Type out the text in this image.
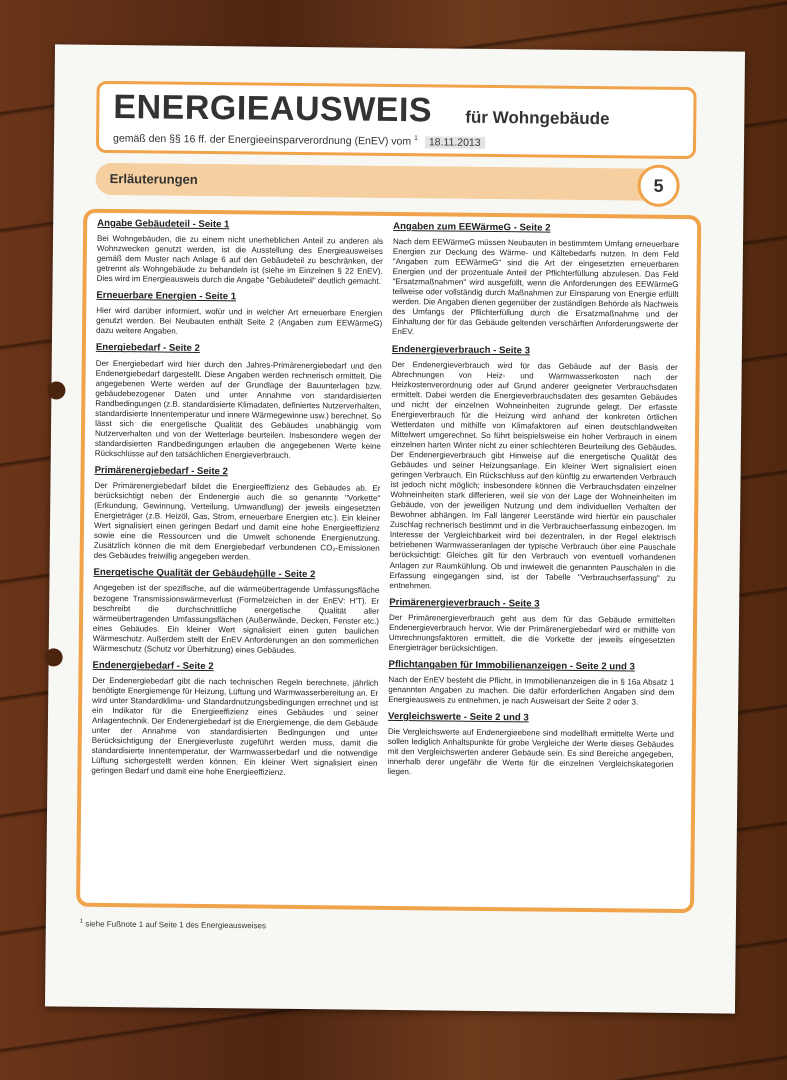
ENERGIEAUSWEIS für Wohngebäude
gemäß den §§ 16 ff. der Energieeinsparverordnung (EnEV) vom $^1$ 18.11.2013
Erläuterungen	5
Angabe Gebäudeteil - Seite 1

Bei Wohngebäuden, die zu einem nicht unerheblichen Anteil zu anderen als Wohnzwecken genutzt werden, ist die Ausstellung des Energieausweises gemäß dem Muster nach Anlage 6 auf den Gebäudeteil zu beschränken, der getrennt als Wohngebäude zu behandeln ist (siehe im Einzelnen § 22 EnEV). Dies wird im Energieausweis durch die Angabe "Gebäudeteil" deutlich gemacht.

Erneuerbare Energien - Seite 1

Hier wird darüber informiert, wofür und in welcher Art erneuerbare Energien genutzt werden. Bei Neubauten enthält Seite 2 (Angaben zum EEWärmeG) dazu weitere Angaben.

Energiebedarf - Seite 2

Der Energiebedarf wird hier durch den Jahres-Primärenergiebedarf und den Endenergiebedarf dargestellt. Diese Angaben werden rechnerisch ermittelt. Die angegebenen Werte werden auf der Grundlage der Bauunterlagen bzw. gebäudebezogener Daten und unter Annahme von standardisierten Randbedingungen (z.B. standardisierte Klimadaten, definiertes Nutzerverhalten, standardisierte Innentemperatur und innere Wärmegewinne usw.) berechnet. So lässt sich die energetische Qualität des Gebäudes unabhängig vom Nutzerverhalten und von der Wetterlage beurteilen. Insbesondere wegen der standardisierten Randbedingungen erlauben die angegebenen Werte keine Rückschlüsse auf den tatsächlichen Energieverbrauch.

Primärenergiebedarf - Seite 2

Der Primärenergiebedarf bildet die Energieeffizienz des Gebäudes ab. Er berücksichtigt neben der Endenergie auch die so genannte "Vorkette" (Erkundung, Gewinnung, Verteilung, Umwandlung) der jeweils eingesetzten Energieträger (z.B. Heizöl, Gas, Strom, erneuerbare Energien etc.). Ein kleiner Wert signalisiert einen geringen Bedarf und damit eine hohe Energieeffizienz sowie eine die Ressourcen und die Umwelt schonende Energienutzung. Zusätzlich können die mit dem Energiebedarf verbundenen CO₂-Emissionen des Gebäudes freiwillig angegeben werden.

Energetische Qualität der Gebäudehülle - Seite 2

Angegeben ist der spezifische, auf die wärmeübertragende Umfassungsfläche bezogene Transmissionswärmeverlust (Formelzeichen in der EnEV: H′T). Er beschreibt die durchschnittliche energetische Qualität aller wärmeübertragenden Umfassungsflächen (Außenwände, Decken, Fenster etc.) eines Gebäudes. Ein kleiner Wert signalisiert einen guten baulichen Wärmeschutz. Außerdem stellt der EnEV Anforderungen an den sommerlichen Wärmeschutz (Schutz vor Überhitzung) eines Gebäudes.

Endenergiebedarf - Seite 2

Der Endenergiebedarf gibt die nach technischen Regeln berechnete, jährlich benötigte Energiemenge für Heizung, Lüftung und Warmwasserbereitung an. Er wird unter Standardklima- und Standardnutzungsbedingungen errechnet und ist ein Indikator für die Energieeffizienz eines Gebäudes und seiner Anlagentechnik. Der Endenergiebedarf ist die Energiemenge, die dem Gebäude unter der Annahme von standardisierten Bedingungen und unter Berücksichtigung der Energieverluste zugeführt werden muss, damit die standardisierte Innentemperatur, der Warmwasserbedarf und die notwendige Lüftung sichergestellt werden können. Ein kleiner Wert signalisiert einen geringen Bedarf und damit eine hohe Energieeffizienz.

Angaben zum EEWärmeG - Seite 2

Nach dem EEWärmeG müssen Neubauten in bestimmtem Umfang erneuerbare Energien zur Deckung des Wärme- und Kältebedarfs nutzen. In dem Feld "Angaben zum EEWärmeG" sind die Art der eingesetzten erneuerbaren Energien und der prozentuale Anteil der Pflichterfüllung abzulesen. Das Feld "Ersatzmaßnahmen" wird ausgefüllt, wenn die Anforderungen des EEWärmeG teilweise oder vollständig durch Maßnahmen zur Einsparung von Energie erfüllt werden. Die Angaben dienen gegenüber der zuständigen Behörde als Nachweis des Umfangs der Pflichterfüllung durch die Ersatzmaßnahme und der Einhaltung der für das Gebäude geltenden verschärften Anforderungswerte der EnEV.

Endenergieverbrauch - Seite 3

Der Endenergieverbrauch wird für das Gebäude auf der Basis der Abrechnungen von Heiz- und Warmwasserkosten nach der Heizkostenverordnung oder auf Grund anderer geeigneter Verbrauchsdaten ermittelt. Dabei werden die Energieverbrauchsdaten des gesamten Gebäudes und nicht der einzelnen Wohneinheiten zugrunde gelegt. Der erfasste Energieverbrauch für die Heizung wird anhand der konkreten örtlichen Wetterdaten und mithilfe von Klimafaktoren auf einen deutschlandweiten Mittelwert umgerechnet. So führt beispielsweise ein hoher Verbrauch in einem einzelnen harten Winter nicht zu einer schlechteren Beurteilung des Gebäudes. Der Endenergieverbrauch gibt Hinweise auf die energetische Qualität des Gebäudes und seiner Heizungsanlage. Ein kleiner Wert signalisiert einen geringen Verbrauch. Ein Rückschluss auf den künftig zu erwartenden Verbrauch ist jedoch nicht möglich; insbesondere können die Verbrauchsdaten einzelner Wohneinheiten stark differieren, weil sie von der Lage der Wohneinheiten im Gebäude, von der jeweiligen Nutzung und dem individuellen Verhalten der Bewohner abhängen. Im Fall längerer Leerstände wird hierfür ein pauschaler Zuschlag rechnerisch bestimmt und in die Verbrauchserfassung einbezogen. Im Interesse der Vergleichbarkeit wird bei dezentralen, in der Regel elektrisch betriebenen Warmwasseranlagen der typische Verbrauch über eine Pauschale berücksichtigt: Gleiches gilt für den Verbrauch von eventuell vorhandenen Anlagen zur Raumkühlung. Ob und inwieweit die genannten Pauschalen in die Erfassung eingegangen sind, ist der Tabelle "Verbrauchserfassung" zu entnehmen.

Primärenergieverbrauch - Seite 3

Der Primärenergieverbrauch geht aus dem für das Gebäude ermittelten Endenergieverbrauch hervor. Wie der Primärenergiebedarf wird er mithilfe von Umrechnungsfaktoren ermittelt, die die Vorkette der jeweils eingesetzten Energieträger berücksichtigen.

Pflichtangaben für Immobilienanzeigen - Seite 2 und 3

Nach der EnEV besteht die Pflicht, in Immobilienanzeigen die in § 16a Absatz 1 genannten Angaben zu machen. Die dafür erforderlichen Angaben sind dem Energieausweis zu entnehmen, je nach Ausweisart der Seite 2 oder 3.

Vergleichswerte - Seite 2 und 3

Die Vergleichswerte auf Endenergieebene sind modellhaft ermittelte Werte und sollen lediglich Anhaltspunkte für grobe Vergleiche der Werte dieses Gebäudes mit den Vergleichswerten anderer Gebäude sein. Es sind Bereiche angegeben, innerhalb derer ungefähr die Werte für die einzelnen Vergleichskategorien liegen.

$^1$ siehe Fußnote 1 auf Seite 1 des Energieausweises
